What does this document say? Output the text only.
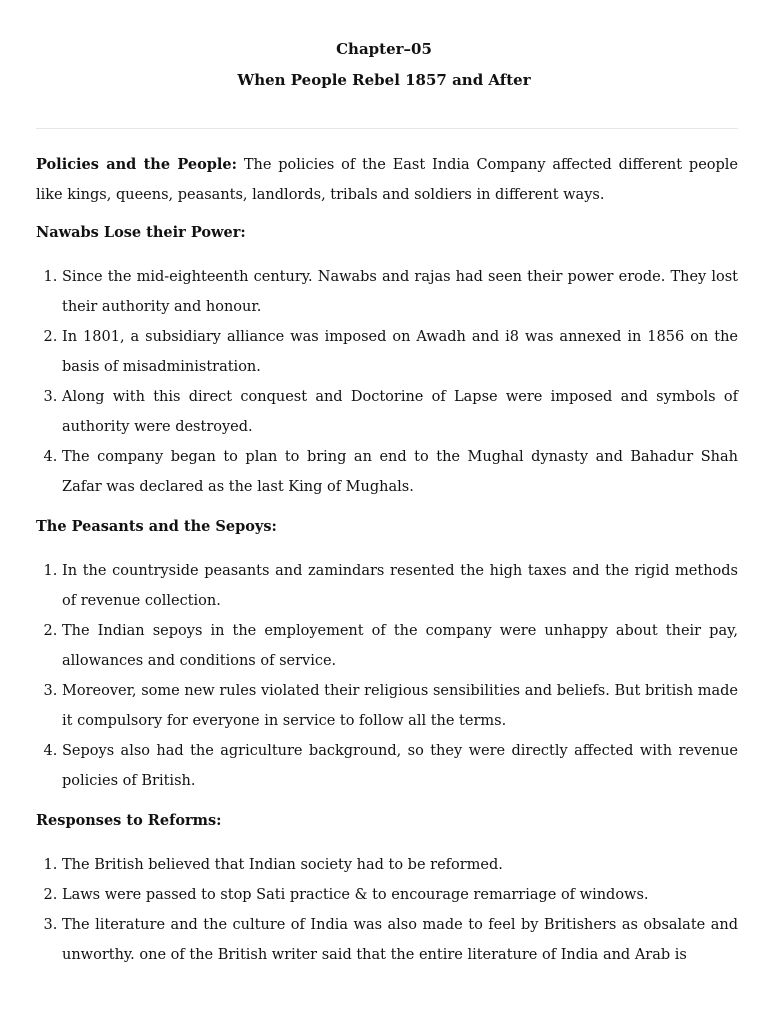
Chapter–05
When People Rebel 1857 and After

Policies and the People: The policies of the East India Company affected different people like kings, queens, peasants, landlords, tribals and soldiers in different ways.

Nawabs Lose their Power:
1. Since the mid-eighteenth century. Nawabs and rajas had seen their power erode. They lost their authority and honour.
2. In 1801, a subsidiary alliance was imposed on Awadh and i8 was annexed in 1856 on the basis of misadministration.
3. Along with this direct conquest and Doctorine of Lapse were imposed and symbols of authority were destroyed.
4. The company began to plan to bring an end to the Mughal dynasty and Bahadur Shah Zafar was declared as the last King of Mughals.
The Peasants and the Sepoys:
1. In the countryside peasants and zamindars resented the high taxes and the rigid methods of revenue collection.
2. The Indian sepoys in the employement of the company were unhappy about their pay, allowances and conditions of service.
3. Moreover, some new rules violated their religious sensibilities and beliefs. But british made it compulsory for everyone in service to follow all the terms.
4. Sepoys also had the agriculture background, so they were directly affected with revenue policies of British.
Responses to Reforms:
1. The British believed that Indian society had to be reformed.
2. Laws were passed to stop Sati practice & to encourage remarriage of windows.
3. The literature and the culture of India was also made to feel by Britishers as obsalate and unworthy. one of the British writer said that the entire literature of India and Arab is
